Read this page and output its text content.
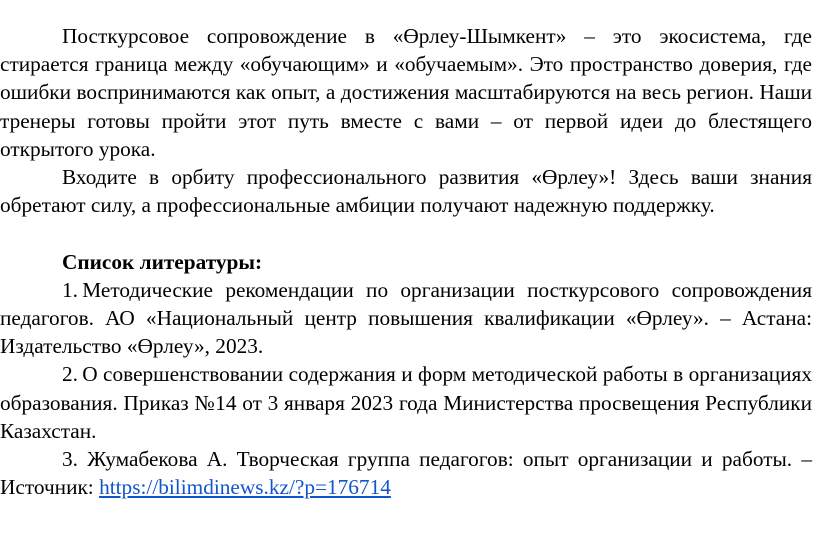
Посткурсовое сопровождение в «Өрлеу-Шымкент» – это экосистема, где стирается граница между «обучающим» и «обучаемым». Это пространство доверия, где ошибки воспринимаются как опыт, а достижения масштабируются на весь регион. Наши тренеры готовы пройти этот путь вместе с вами – от первой идеи до блестящего открытого урока.

Входите в орбиту профессионального развития «Өрлеу»! Здесь ваши знания обретают силу, а профессиональные амбиции получают надежную поддержку.

Список литературы:

1.  Методические рекомендации по организации посткурсового сопровождения педагогов. АО «Национальный центр повышения квалификации «Өрлеу». – Астана: Издательство «Өрлеу», 2023.

2.  О совершенствовании содержания и форм методической работы в организациях образования. Приказ №14 от 3 января 2023 года Министерства просвещения Республики Казахстан.

3. Жумабекова А. Творческая группа педагогов: опыт организации и работы. – Источник: https://bilimdinews.kz/?p=176714
